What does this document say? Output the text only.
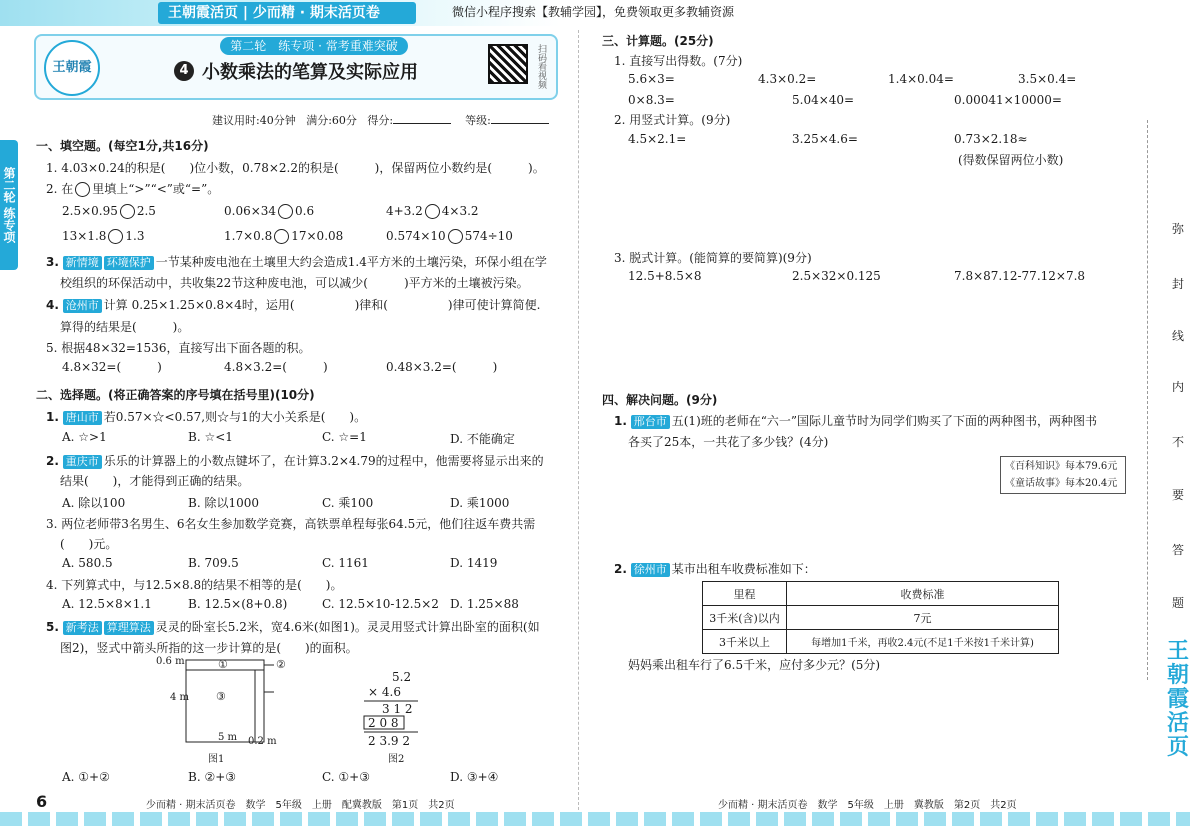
王朝霞活页 | 少而精 · 期末活页卷	微信小程序搜索【教辅学园】，免费领取更多教辅资源
第二轮 练专项
王朝霞
第二轮　练专项 · 常考重难突破
4 小数乘法的笔算及实际应用	扫码看视频
建议用时:40分钟 满分:60分 得分:	等级:
一、填空题。(每空1分,共16分)
1. 4.03×0.24的积是(　　)位小数，0.78×2.2的积是(　　　)，保留两位小数约是(　　　)。
2. 在 里填上“>”“<”或“=”。
2.5×0.95 2.5	0.06×34 0.6	4+3.2 4×3.2
13×1.8 1.3	1.7×0.8 17×0.08	0.574×10 574÷10
3. 新情境 环境保护 一节某种废电池在土壤里大约会造成1.4平方米的土壤污染，环保小组在学
校组织的环保活动中，共收集22节这种废电池，可以减少(　　　)平方米的土壤被污染。
4. 沧州市 计算 0.25×1.25×0.8×4时，运用(　　　　　)律和(　　　　　)律可使计算简便.
算得的结果是(　　　)。
5. 根据48×32=1536，直接写出下面各题的积。
4.8×32=(　　　)	4.8×3.2=(　　　)	0.48×3.2=(　　　)
二、选择题。(将正确答案的序号填在括号里)(10分)
1. 唐山市 若0.57×☆<0.57,则☆与1的大小关系是(　　)。
A. ☆>1	B. ☆<1	C. ☆=1	D. 不能确定
2. 重庆市 乐乐的计算器上的小数点键坏了，在计算3.2×4.79的过程中，他需要将显示出来的
结果(　　)，才能得到正确的结果。
A. 除以100	B. 除以1000	C. 乘100	D. 乘1000
3. 两位老师带3名男生、6名女生参加数学竞赛，高铁票单程每张64.5元，他们往返车费共需
(　　)元。
A. 580.5	B. 709.5	C. 1161	D. 1419
4. 下列算式中，与12.5×8.8的结果不相等的是(　　)。
A. 12.5×8×1.1	B. 12.5×(8+0.8)	C. 12.5×10-12.5×2 D. 1.25×88
5. 新考法 算理算法 灵灵的卧室长5.2米，宽4.6米(如图1)。灵灵用竖式计算出卧室的面积(如
图2)，竖式中箭头所指的这一步计算的是(　　)的面积。
0.6 m
4 m
5 m 0.2 m
①	②
③
图1
5.2
× 4.6
3 1 2
2 0 8
2 3.9 2
图2
A. ①+②	B. ②+③	C. ①+③	D. ③+④
6	少而精 · 期末活页卷　数学　5年级　上册　配冀教版　第1页　共2页
三、计算题。(25分)
1. 直接写出得数。(7分)
5.6×3=	4.3×0.2=	1.4×0.04=	3.5×0.4=
0×8.3=	5.04×40=	0.00041×10000=
2. 用竖式计算。(9分)
4.5×2.1=	3.25×4.6=	0.73×2.18≈
(得数保留两位小数)
3. 脱式计算。(能简算的要简算)(9分)
12.5+8.5×8	2.5×32×0.125	7.8×87.12-77.12×7.8
四、解决问题。(9分)
1. 邢台市 五(1)班的老师在“六一”国际儿童节时为同学们购买了下面的两种图书，两种图书
各买了25本，一共花了多少钱？(4分)
《百科知识》每本79.6元
《童话故事》每本20.4元
2. 徐州市 某市出租车收费标准如下：
里程	收费标准
3千米(含)以内	7元
3千米以上	每增加1千米，再收2.4元(不足1千米按1千米计算)
妈妈乘出租车行了6.5千米，应付多少元？(5分)
少而精 · 期末活页卷　数学　5年级　上册　冀教版　第2页　共2页
弥
封
线
内
不
要
答
题
王朝霞活页
